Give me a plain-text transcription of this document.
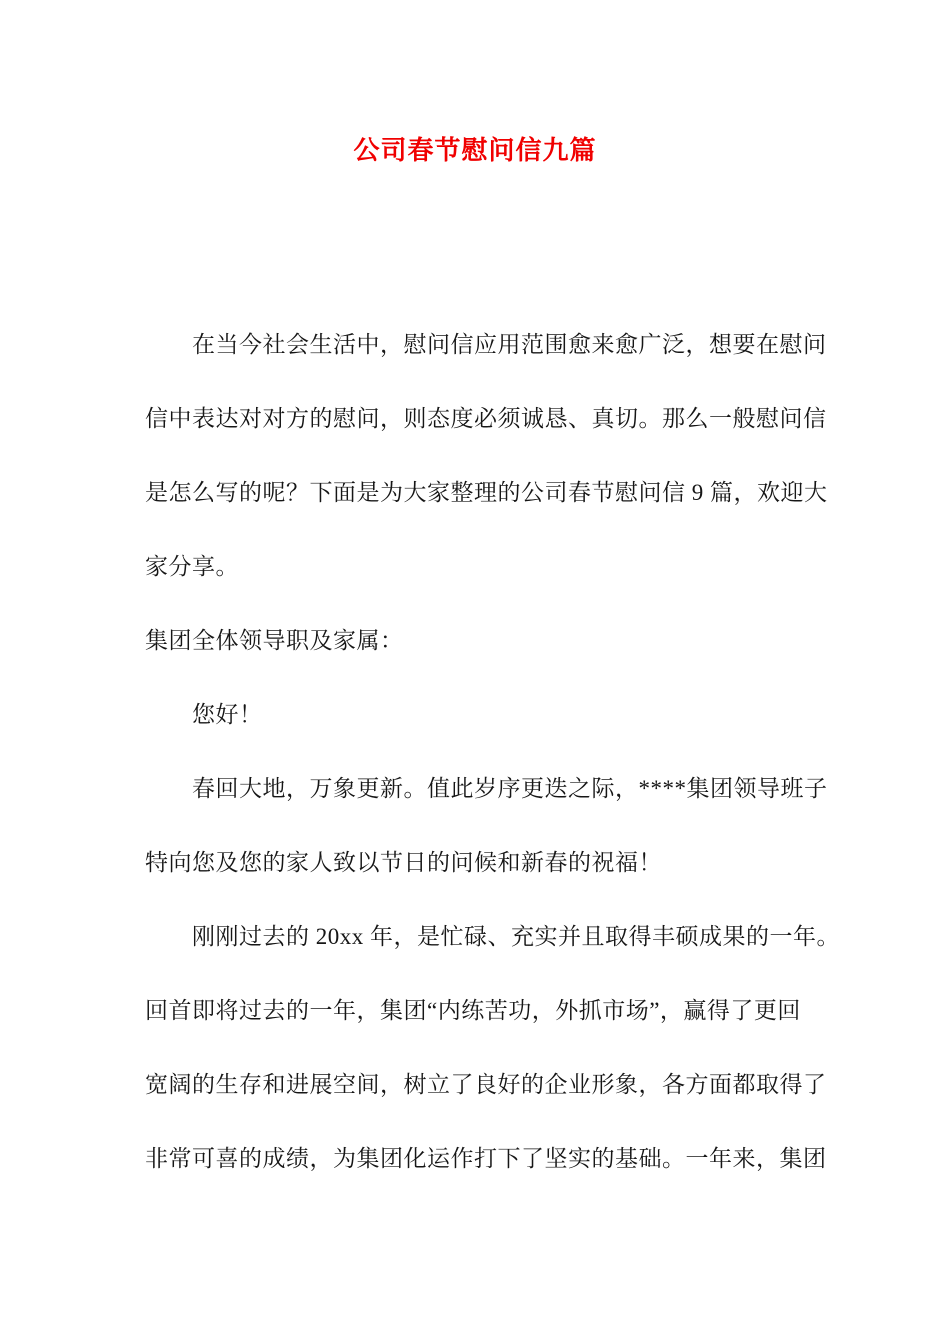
公司春节慰问信九篇
在当今社会生活中，慰问信应用范围愈来愈广泛，想要在慰问
信中表达对对方的慰问，则态度必须诚恳、真切。那么一般慰问信
是怎么写的呢？下面是为大家整理的公司春节慰问信 9 篇，欢迎大
家分享。
集团全体领导职及家属：
您好！
春回大地，万象更新。值此岁序更迭之际，****集团领导班子
特向您及您的家人致以节日的问候和新春的祝福！
刚刚过去的 20xx 年，是忙碌、充实并且取得丰硕成果的一年。
回首即将过去的一年，集团“内练苦功，外抓市场”，赢得了更回
宽阔的生存和进展空间，树立了良好的企业形象，各方面都取得了
非常可喜的成绩，为集团化运作打下了坚实的基础。一年来，集团
